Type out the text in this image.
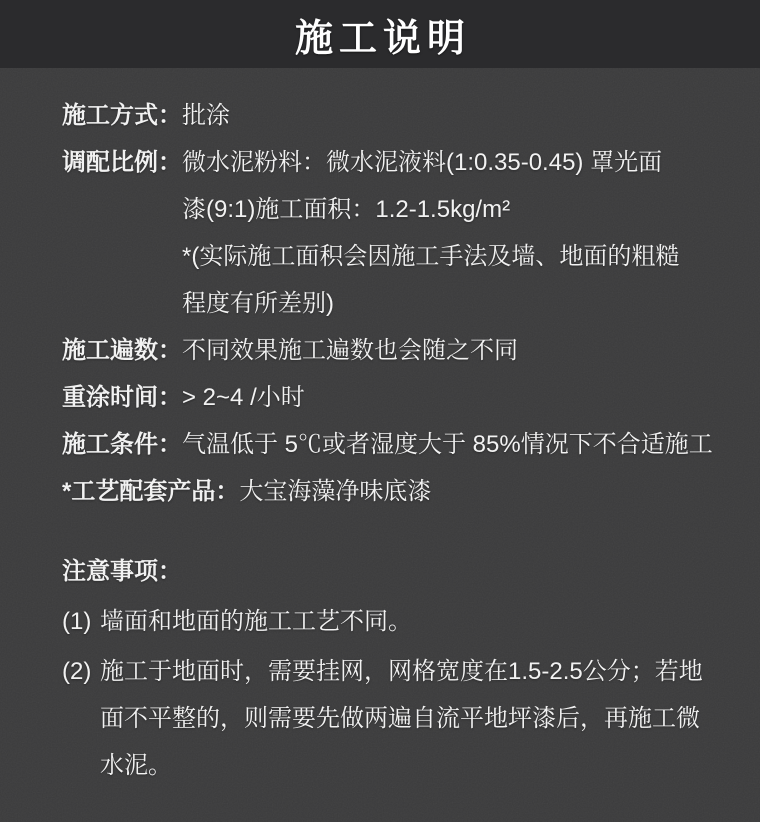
施工说明
施工方式：批涂
调配比例：微水泥粉料：微水泥液料(1:0.35-0.45) 罩光面
漆(9:1)施工面积：1.2-1.5kg/m²
*(实际施工面积会因施工手法及墙、地面的粗糙
程度有所差别)
施工遍数：不同效果施工遍数也会随之不同
重涂时间：> 2~4 /小时
施工条件：气温低于 5℃或者湿度大于 85%情况下不合适施工
*工艺配套产品：大宝海藻净味底漆
注意事项：
(1) 墙面和地面的施工工艺不同。
(2) 施工于地面时，需要挂网，网格宽度在1.5-2.5公分；若地
面不平整的，则需要先做两遍自流平地坪漆后，再施工微
水泥。
